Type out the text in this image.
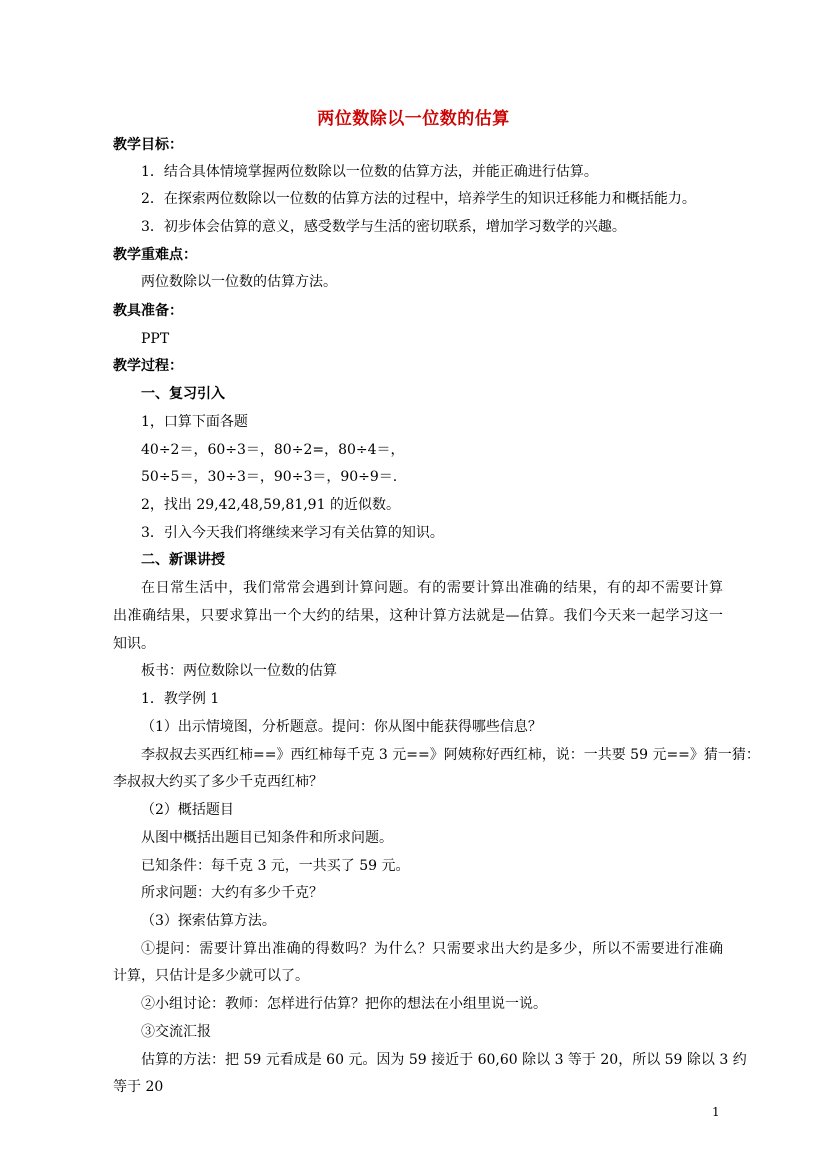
两位数除以一位数的估算
教学目标：
1．结合具体情境掌握两位数除以一位数的估算方法，并能正确进行估算。
2．在探索两位数除以一位数的估算方法的过程中，培养学生的知识迁移能力和概括能力。
3．初步体会估算的意义，感受数学与生活的密切联系，增加学习数学的兴趣。
教学重难点：
两位数除以一位数的估算方法。
教具准备：
PPT
教学过程：
一、复习引入
1，口算下面各题
40÷2＝，60÷3＝，80÷2=，80÷4＝，
50÷5＝，30÷3＝，90÷3＝，90÷9＝.
2，找出 29,42,48,59,81,91 的近似数。
3．引入今天我们将继续来学习有关估算的知识。
二、新课讲授
在日常生活中，我们常常会遇到计算问题。有的需要计算出准确的结果，有的却不需要计算
出准确结果，只要求算出一个大约的结果，这种计算方法就是—估算。我们今天来一起学习这一
知识。
板书：两位数除以一位数的估算
1．教学例 1
（1）出示情境图，分析题意。提问：你从图中能获得哪些信息？
李叔叔去买西红柿==》西红柿每千克 3 元==》阿姨称好西红柿，说：一共要 59 元==》猜一猜：
李叔叔大约买了多少千克西红柿？
（2）概括题目
从图中概括出题目已知条件和所求问题。
已知条件：每千克 3 元，一共买了 59 元。
所求问题：大约有多少千克？
（3）探索估算方法。
①提问：需要计算出准确的得数吗？为什么？只需要求出大约是多少，所以不需要进行准确
计算，只估计是多少就可以了。
②小组讨论：教师：怎样进行估算？把你的想法在小组里说一说。
③交流汇报
估算的方法：把 59 元看成是 60 元。因为 59 接近于 60,60 除以 3 等于 20，所以 59 除以 3 约
等于 20
1
